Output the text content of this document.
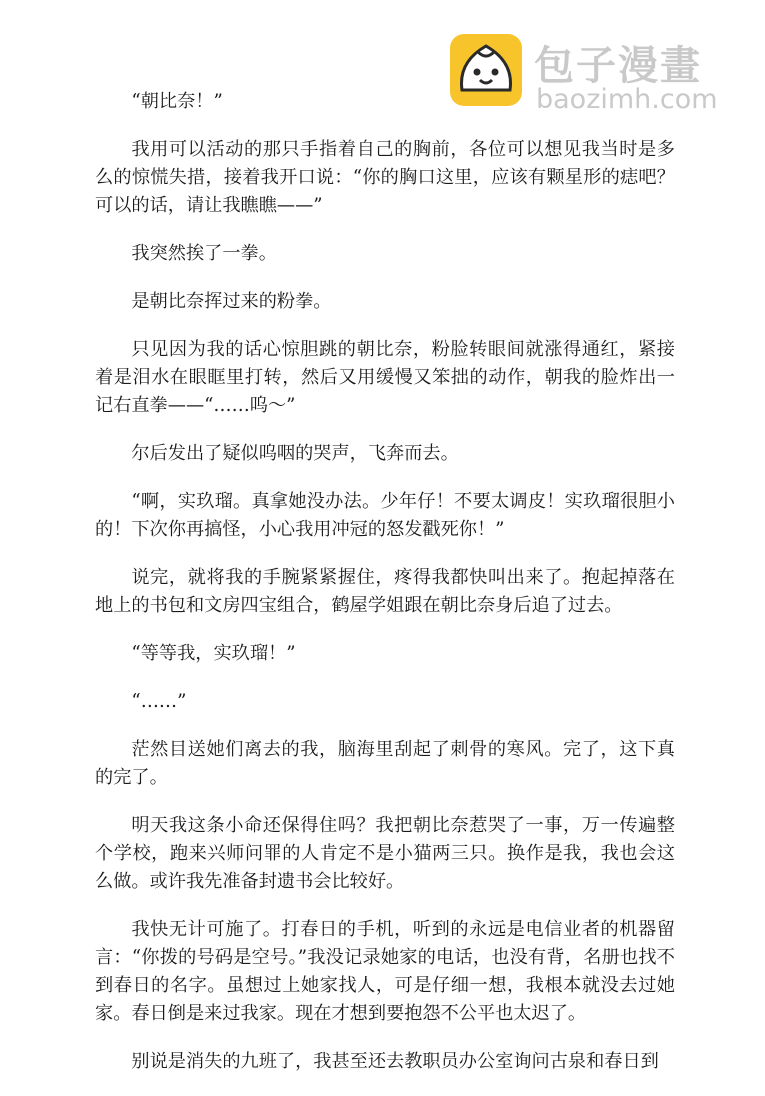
包子漫畫
baozimh.com

“朝比奈！”

我用可以活动的那只手指着自己的胸前，各位可以想见我当时是多么的惊慌失措，接着我开口说：“你的胸口这里，应该有颗星形的痣吧？可以的话，请让我瞧瞧——”

我突然挨了一拳。

是朝比奈挥过来的粉拳。

只见因为我的话心惊胆跳的朝比奈，粉脸转眼间就涨得通红，紧接着是泪水在眼眶里打转，然后又用缓慢又笨拙的动作，朝我的脸炸出一记右直拳——“……呜～”

尔后发出了疑似呜咽的哭声，飞奔而去。

“啊，实玖瑠。真拿她没办法。少年仔！不要太调皮！实玖瑠很胆小的！下次你再搞怪，小心我用冲冠的怒发戳死你！”

说完，就将我的手腕紧紧握住，疼得我都快叫出来了。抱起掉落在地上的书包和文房四宝组合，鹤屋学姐跟在朝比奈身后追了过去。

“等等我，实玖瑠！”

“……”

茫然目送她们离去的我，脑海里刮起了刺骨的寒风。完了，这下真的完了。

明天我这条小命还保得住吗？我把朝比奈惹哭了一事，万一传遍整个学校，跑来兴师问罪的人肯定不是小猫两三只。换作是我，我也会这么做。或许我先准备封遗书会比较好。

我快无计可施了。打春日的手机，听到的永远是电信业者的机器留言：“你拨的号码是空号。”我没记录她家的电话，也没有背，名册也找不到春日的名字。虽想过上她家找人，可是仔细一想，我根本就没去过她家。春日倒是来过我家。现在才想到要抱怨不公平也太迟了。

别说是消失的九班了，我甚至还去教职员办公室询问古泉和春日到
